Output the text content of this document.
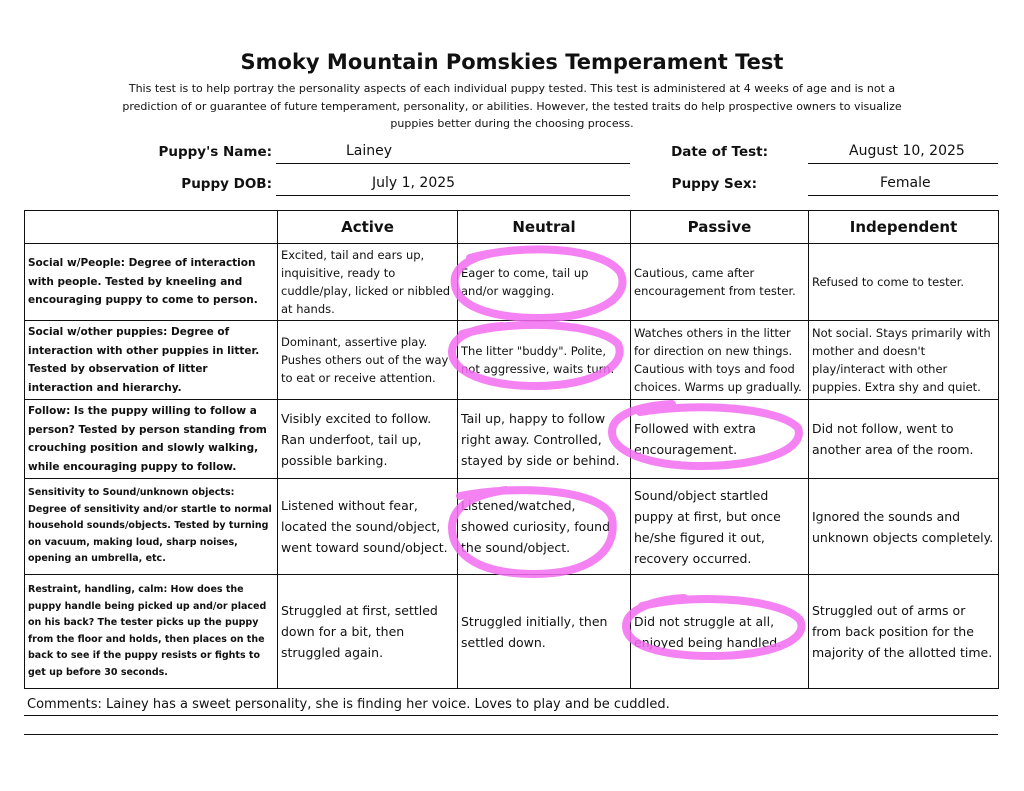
Smoky Mountain Pomskies Temperament Test
This test is to help portray the personality aspects of each individual puppy tested. This test is administered at 4 weeks of age and is not a prediction of or guarantee of future temperament, personality, or abilities. However, the tested traits do help prospective owners to visualize puppies better during the choosing process.
Puppy's Name:	Lainey	Date of Test:	August 10, 2025
Puppy DOB:	July 1, 2025	Puppy Sex:	Female
	Active	Neutral	Passive	Independent
Social w/People: Degree of interaction with people. Tested by kneeling and encouraging puppy to come to person.	Excited, tail and ears up, inquisitive, ready to cuddle/play, licked or nibbled at hands.	Eager to come, tail up and/or wagging.	Cautious, came after encouragement from tester.	Refused to come to tester.
Social w/other puppies: Degree of interaction with other puppies in litter. Tested by observation of litter interaction and hierarchy.	Dominant, assertive play. Pushes others out of the way to eat or receive attention.	The litter "buddy". Polite, not aggressive, waits turn.	Watches others in the litter for direction on new things. Cautious with toys and food choices. Warms up gradually.	Not social. Stays primarily with mother and doesn't play/interact with other puppies. Extra shy and quiet.
Follow: Is the puppy willing to follow a person? Tested by person standing from crouching position and slowly walking, while encouraging puppy to follow.	Visibly excited to follow. Ran underfoot, tail up, possible barking.	Tail up, happy to follow right away. Controlled, stayed by side or behind.	Followed with extra encouragement.	Did not follow, went to another area of the room.
Sensitivity to Sound/unknown objects: Degree of sensitivity and/or startle to normal household sounds/objects. Tested by turning on vacuum, making loud, sharp noises, opening an umbrella, etc.	Listened without fear, located the sound/object, went toward sound/object.	Listened/watched, showed curiosity, found the sound/object.	Sound/object startled puppy at first, but once he/she figured it out, recovery occurred.	Ignored the sounds and unknown objects completely.
Restraint, handling, calm: How does the puppy handle being picked up and/or placed on his back? The tester picks up the puppy from the floor and holds, then places on the back to see if the puppy resists or fights to get up before 30 seconds.	Struggled at first, settled down for a bit, then struggled again.	Struggled initially, then settled down.	Did not struggle at all, enjoyed being handled.	Struggled out of arms or from back position for the majority of the allotted time.
Comments: Lainey has a sweet personality, she is finding her voice. Loves to play and be cuddled.
